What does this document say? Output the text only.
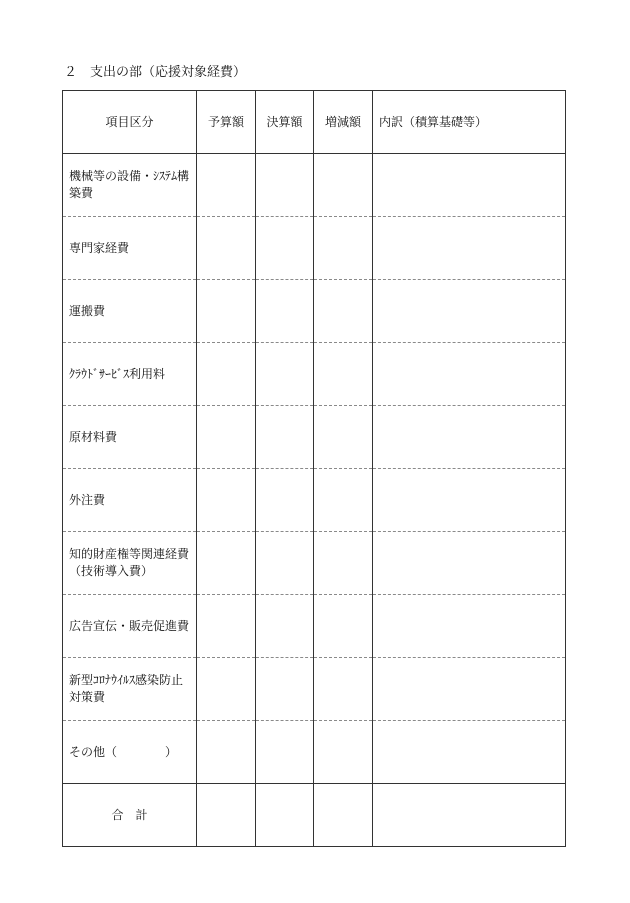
２　支出の部（応援対象経費）
項目区分	予算額	決算額	増減額	内訳（積算基礎等）

機械等の設備・ｼｽﾃﾑ構
築費				

専門家経費				

運搬費				

ｸﾗｳﾄﾞｻｰﾋﾞｽ利用料				

原材料費				

外注費				

知的財産権等関連経費
（技術導入費）				

広告宣伝・販売促進費				

新型ｺﾛﾅｳｲﾙｽ感染防止
対策費				

その他（　　　　）				

合　計				
